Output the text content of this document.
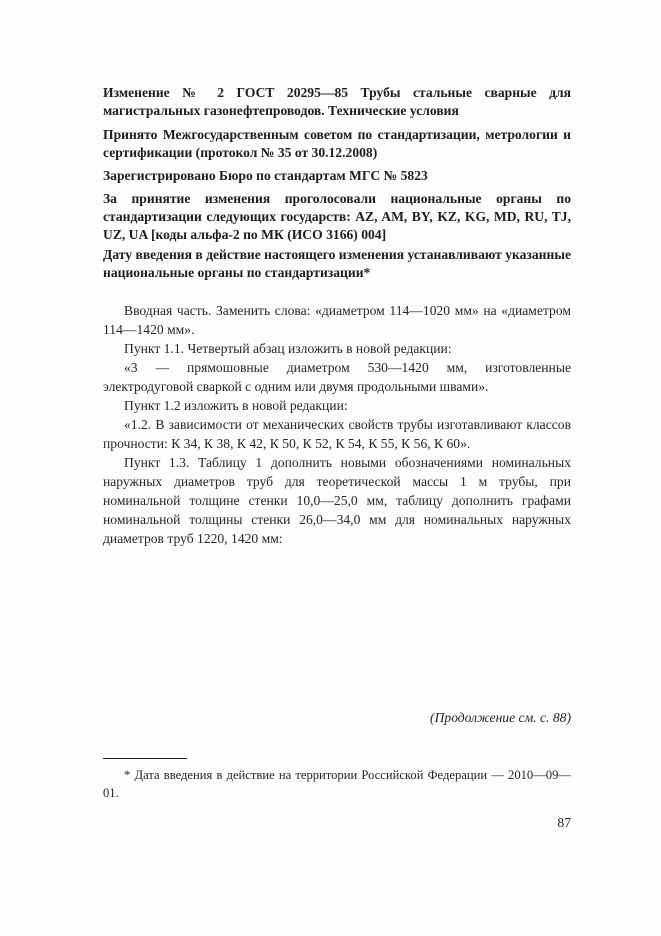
Изменение № 2 ГОСТ 20295—85 Трубы стальные сварные для магистральных газонефтепроводов. Технические условия
Принято Межгосударственным советом по стандартизации, метрологии и сертификации (протокол № 35 от 30.12.2008)
Зарегистрировано Бюро по стандартам МГС № 5823
За принятие изменения проголосовали национальные органы по стандартизации следующих государств: AZ, AM, BY, KZ, KG, MD, RU, TJ, UZ, UA [коды альфа-2 по МК (ИСО 3166) 004]
Дату введения в действие настоящего изменения устанавливают указанные национальные органы по стандартизации*

Вводная часть. Заменить слова: «диаметром 114—1020 мм» на «диаметром 114—1420 мм».

Пункт 1.1. Четвертый абзац изложить в новой редакции:

«3 — прямошовные диаметром 530—1420 мм, изготовленные электродуговой сваркой с одним или двумя продольными швами».

Пункт 1.2 изложить в новой редакции:

«1.2. В зависимости от механических свойств трубы изготавливают классов прочности: К 34, К 38, К 42, К 50, К 52, К 54, К 55, К 56, К 60».

Пункт 1.3. Таблицу 1 дополнить новыми обозначениями номинальных наружных диаметров труб для теоретической массы 1 м трубы, при номинальной толщине стенки 10,0—25,0 мм, таблицу дополнить графами номинальной толщины стенки 26,0—34,0 мм для номинальных наружных диаметров труб 1220, 1420 мм:

(Продолжение см. с. 88)
* Дата введения в действие на территории Российской Федерации — 2010—09—01.
87
